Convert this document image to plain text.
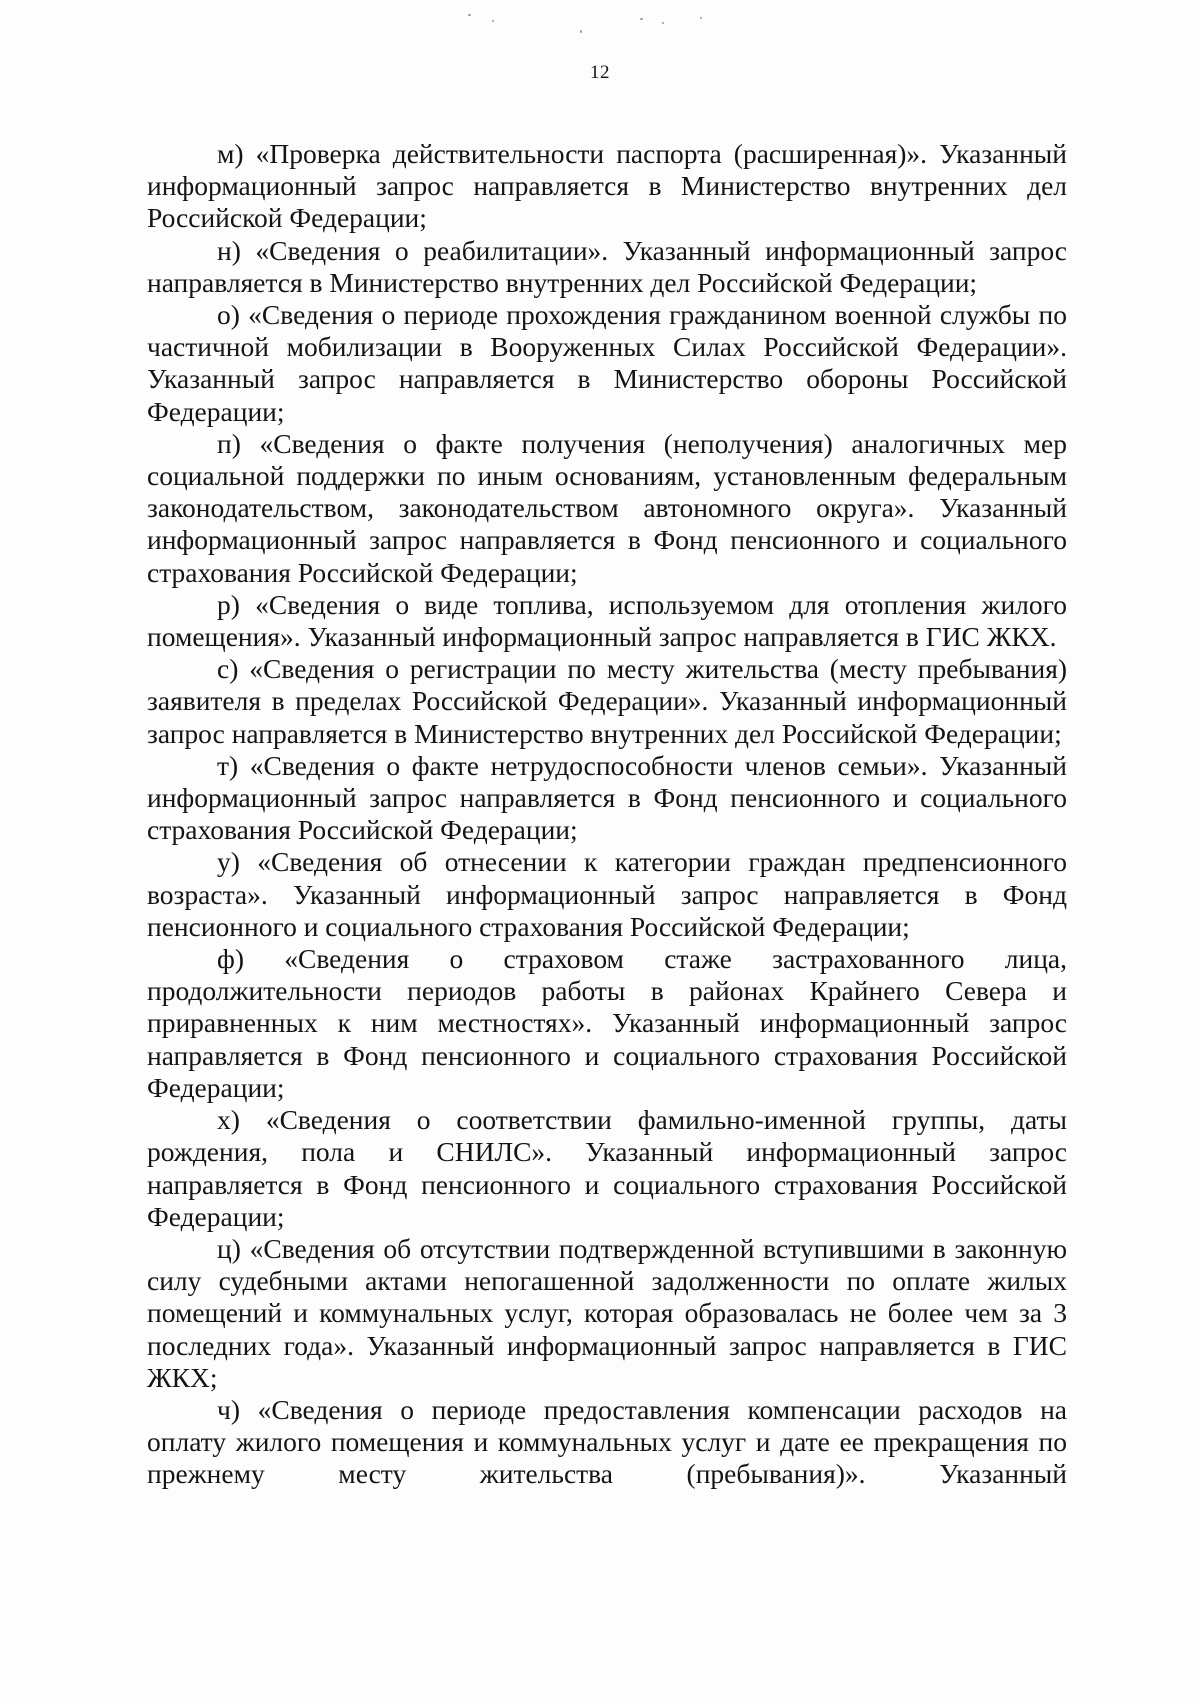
12

м) «Проверка действительности паспорта (расширенная)». Указанный информационный запрос направляется в Министерство внутренних дел Российской Федерации;

н) «Сведения о реабилитации». Указанный информационный запрос направляется в Министерство внутренних дел Российской Федерации;

о) «Сведения о периоде прохождения гражданином военной службы по частичной мобилизации в Вооруженных Силах Российской Федерации». Указанный запрос направляется в Министерство обороны Российской Федерации;

п) «Сведения о факте получения (неполучения) аналогичных мер социальной поддержки по иным основаниям, установленным федеральным законодательством, законодательством автономного округа». Указанный информационный запрос направляется в Фонд пенсионного и социального страхования Российской Федерации;

р) «Сведения о виде топлива, используемом для отопления жилого помещения». Указанный информационный запрос направляется в ГИС ЖКХ.

с) «Сведения о регистрации по месту жительства (месту пребывания) заявителя в пределах Российской Федерации». Указанный информационный запрос направляется в Министерство внутренних дел Российской Федерации;

т) «Сведения о факте нетрудоспособности членов семьи». Указанный информационный запрос направляется в Фонд пенсионного и социального страхования Российской Федерации;

у) «Сведения об отнесении к категории граждан предпенсионного возраста». Указанный информационный запрос направляется в Фонд пенсионного и социального страхования Российской Федерации;

ф) «Сведения о страховом стаже застрахованного лица, продолжительности периодов работы в районах Крайнего Севера и приравненных к ним местностях». Указанный информационный запрос направляется в Фонд пенсионного и социального страхования Российской Федерации;

х) «Сведения о соответствии фамильно-именной группы, даты рождения, пола и СНИЛС». Указанный информационный запрос направляется в Фонд пенсионного и социального страхования Российской Федерации;

ц) «Сведения об отсутствии подтвержденной вступившими в законную силу судебными актами непогашенной задолженности по оплате жилых помещений и коммунальных услуг, которая образовалась не более чем за 3 последних года». Указанный информационный запрос направляется в ГИС ЖКХ;

ч) «Сведения о периоде предоставления компенсации расходов на оплату жилого помещения и коммунальных услуг и дате ее прекращения по прежнему месту жительства (пребывания)». Указанный
